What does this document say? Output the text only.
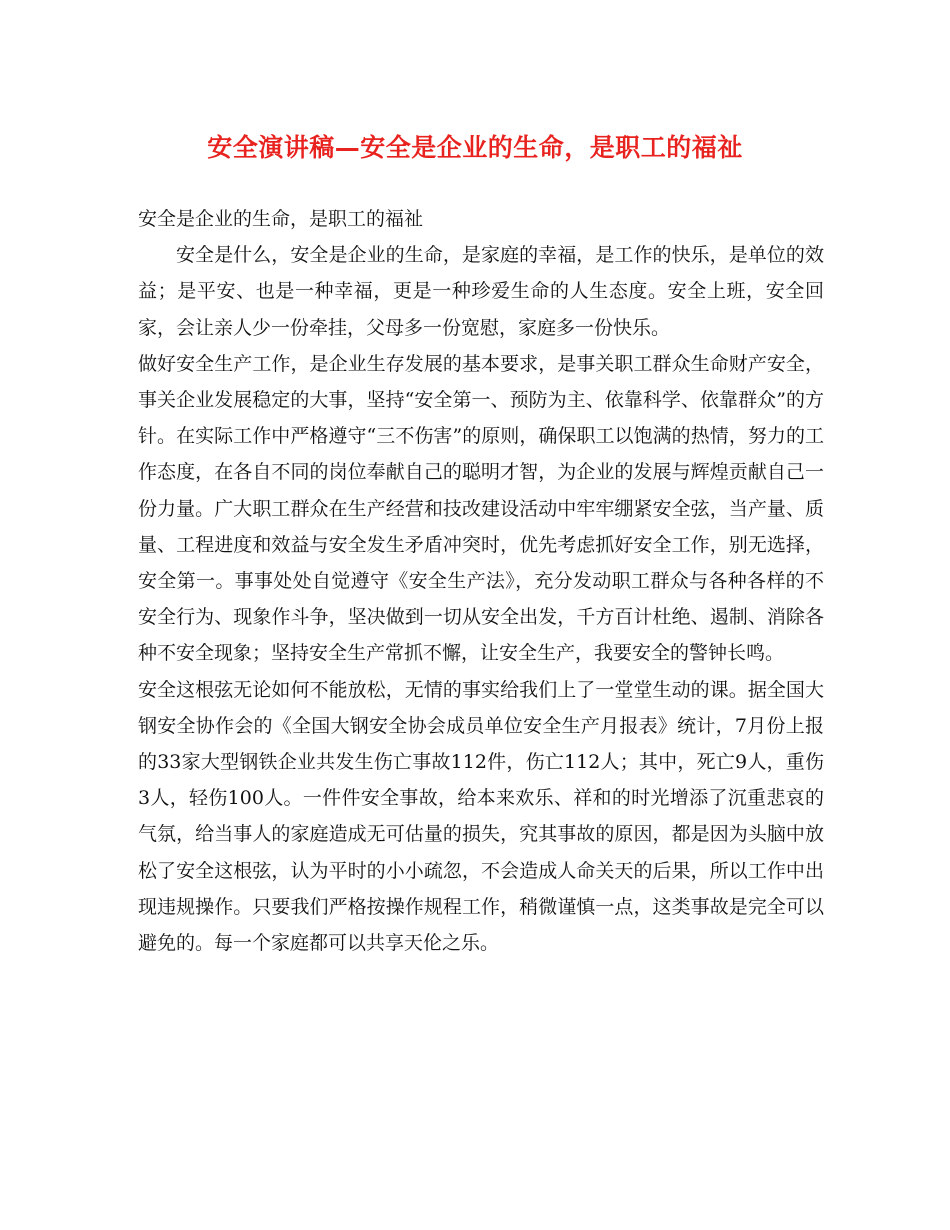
安全演讲稿—安全是企业的生命，是职工的福祉

安全是企业的生命，是职工的福祉

安全是什么，安全是企业的生命，是家庭的幸福，是工作的快乐，是单位的效益；是平安、也是一种幸福，更是一种珍爱生命的人生态度。安全上班，安全回家，会让亲人少一份牵挂，父母多一份宽慰，家庭多一份快乐。

做好安全生产工作，是企业生存发展的基本要求，是事关职工群众生命财产安全，事关企业发展稳定的大事，坚持“安全第一、预防为主、依靠科学、依靠群众”的方针。在实际工作中严格遵守“三不伤害”的原则，确保职工以饱满的热情，努力的工作态度，在各自不同的岗位奉献自己的聪明才智，为企业的发展与辉煌贡献自己一份力量。广大职工群众在生产经营和技改建设活动中牢牢绷紧安全弦，当产量、质量、工程进度和效益与安全发生矛盾冲突时，优先考虑抓好安全工作，别无选择，安全第一。事事处处自觉遵守《安全生产法》，充分发动职工群众与各种各样的不安全行为、现象作斗争，坚决做到一切从安全出发，千方百计杜绝、遏制、消除各种不安全现象；坚持安全生产常抓不懈，让安全生产，我要安全的警钟长鸣。

安全这根弦无论如何不能放松，无情的事实给我们上了一堂堂生动的课。据全国大钢安全协作会的《全国大钢安全协会成员单位安全生产月报表》统计，7月份上报的33家大型钢铁企业共发生伤亡事故112件，伤亡112人；其中，死亡9人，重伤3人，轻伤100人。一件件安全事故，给本来欢乐、祥和的时光增添了沉重悲哀的气氛，给当事人的家庭造成无可估量的损失，究其事故的原因，都是因为头脑中放松了安全这根弦，认为平时的小小疏忽，不会造成人命关天的后果，所以工作中出现违规操作。只要我们严格按操作规程工作，稍微谨慎一点，这类事故是完全可以避免的。每一个家庭都可以共享天伦之乐。
